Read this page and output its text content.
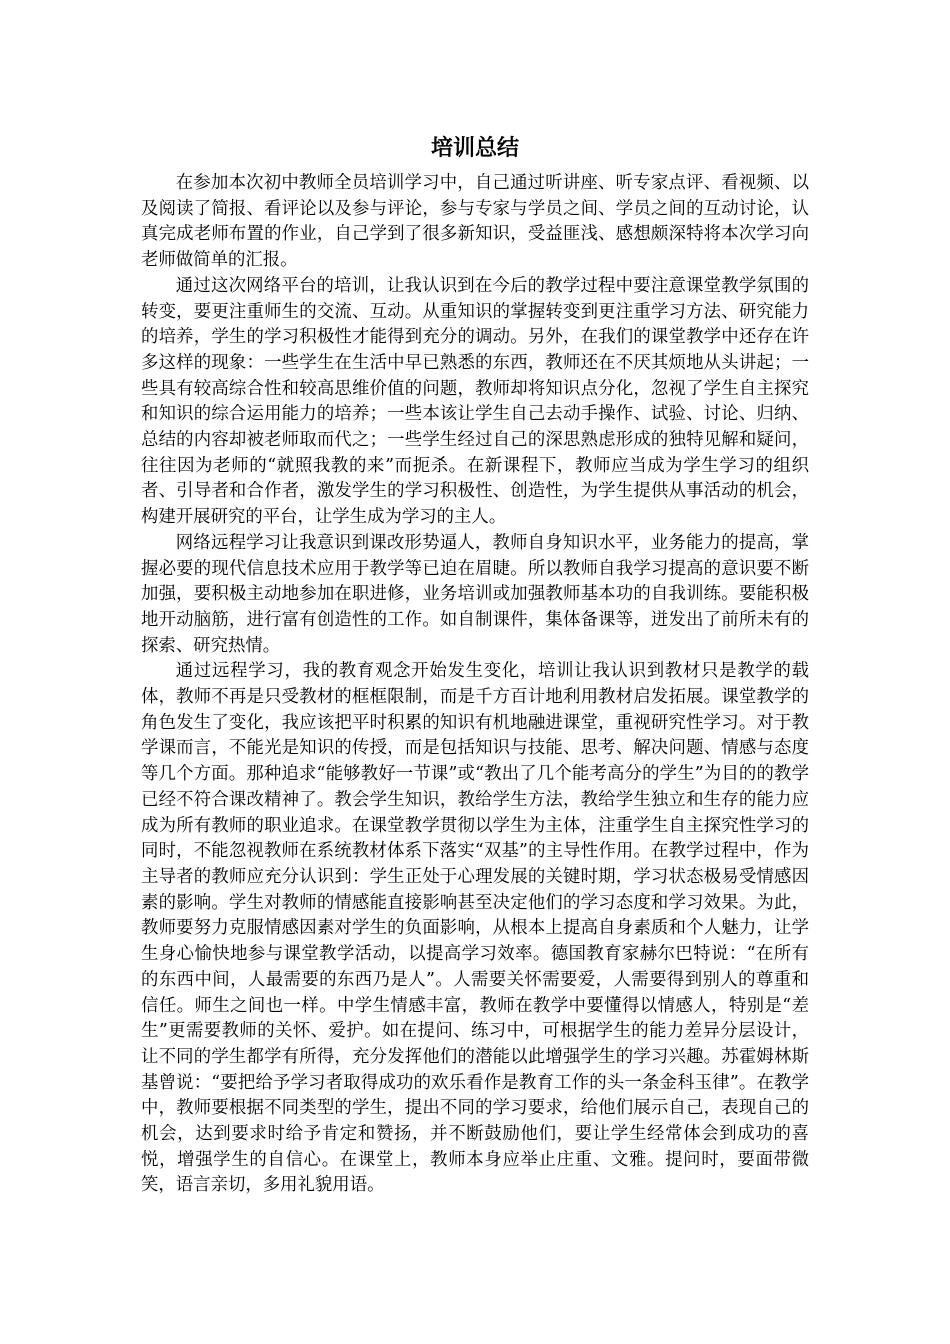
培训总结

在参加本次初中教师全员培训学习中，自己通过听讲座、听专家点评、看视频、以及阅读了简报、看评论以及参与评论，参与专家与学员之间、学员之间的互动讨论，认真完成老师布置的作业，自己学到了很多新知识，受益匪浅、感想颇深特将本次学习向老师做简单的汇报。

通过这次网络平台的培训，让我认识到在今后的教学过程中要注意课堂教学氛围的转变，要更注重师生的交流、互动。从重知识的掌握转变到更注重学习方法、研究能力的培养，学生的学习积极性才能得到充分的调动。另外，在我们的课堂教学中还存在许多这样的现象：一些学生在生活中早已熟悉的东西，教师还在不厌其烦地从头讲起；一些具有较高综合性和较高思维价值的问题，教师却将知识点分化，忽视了学生自主探究和知识的综合运用能力的培养；一些本该让学生自己去动手操作、试验、讨论、归纳、总结的内容却被老师取而代之；一些学生经过自己的深思熟虑形成的独特见解和疑问，往往因为老师的“就照我教的来”而扼杀。在新课程下，教师应当成为学生学习的组织者、引导者和合作者，激发学生的学习积极性、创造性，为学生提供从事活动的机会，构建开展研究的平台，让学生成为学习的主人。

网络远程学习让我意识到课改形势逼人，教师自身知识水平，业务能力的提高，掌握必要的现代信息技术应用于教学等已迫在眉睫。所以教师自我学习提高的意识要不断加强，要积极主动地参加在职进修，业务培训或加强教师基本功的自我训练。要能积极地开动脑筋，进行富有创造性的工作。如自制课件，集体备课等，迸发出了前所未有的探索、研究热情。

通过远程学习，我的教育观念开始发生变化，培训让我认识到教材只是教学的载体，教师不再是只受教材的框框限制，而是千方百计地利用教材启发拓展。课堂教学的角色发生了变化，我应该把平时积累的知识有机地融进课堂，重视研究性学习。对于教学课而言，不能光是知识的传授，而是包括知识与技能、思考、解决问题、情感与态度等几个方面。那种追求“能够教好一节课”或“教出了几个能考高分的学生”为目的的教学已经不符合课改精神了。教会学生知识，教给学生方法，教给学生独立和生存的能力应成为所有教师的职业追求。在课堂教学贯彻以学生为主体，注重学生自主探究性学习的同时，不能忽视教师在系统教材体系下落实“双基”的主导性作用。在教学过程中，作为主导者的教师应充分认识到：学生正处于心理发展的关键时期，学习状态极易受情感因素的影响。学生对教师的情感能直接影响甚至决定他们的学习态度和学习效果。为此，教师要努力克服情感因素对学生的负面影响，从根本上提高自身素质和个人魅力，让学生身心愉快地参与课堂教学活动，以提高学习效率。德国教育家赫尔巴特说：“在所有的东西中间，人最需要的东西乃是人”。人需要关怀需要爱，人需要得到别人的尊重和信任。师生之间也一样。中学生情感丰富，教师在教学中要懂得以情感人，特别是“差生”更需要教师的关怀、爱护。如在提问、练习中，可根据学生的能力差异分层设计，让不同的学生都学有所得，充分发挥他们的潜能以此增强学生的学习兴趣。苏霍姆林斯基曾说：“要把给予学习者取得成功的欢乐看作是教育工作的头一条金科玉律”。在教学中，教师要根据不同类型的学生，提出不同的学习要求，给他们展示自己，表现自己的机会，达到要求时给予肯定和赞扬，并不断鼓励他们，要让学生经常体会到成功的喜悦，增强学生的自信心。在课堂上，教师本身应举止庄重、文雅。提问时，要面带微笑，语言亲切，多用礼貌用语。
